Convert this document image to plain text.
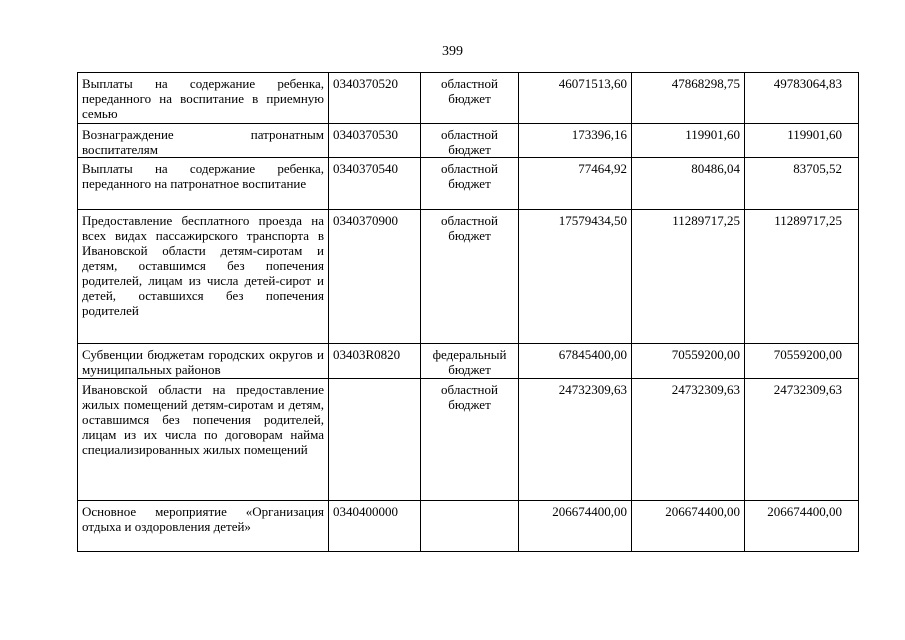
399
Выплаты на содержание ребенка, переданного на воспитание в приемную семью	0340370520	областной бюджет	46071513,60	47868298,75	49783064,83
Вознаграждение патронатным воспитателям	0340370530	областной бюджет	173396,16	119901,60	119901,60
Выплаты на содержание ребенка, переданного на патронатное воспитание	0340370540	областной бюджет	77464,92	80486,04	83705,52
Предоставление бесплатного проезда на всех видах пассажирского транспорта в Ивановской области детям-сиротам и детям, оставшимся без попечения родителей, лицам из числа детей-сирот и детей, оставшихся без попечения родителей	0340370900	областной бюджет	17579434,50	11289717,25	11289717,25
Субвенции бюджетам городских округов и муниципальных районов	03403R0820	федеральный бюджет	67845400,00	70559200,00	70559200,00
Ивановской области на предоставление жилых помещений детям-сиротам и детям, оставшимся без попечения родителей, лицам из их числа по договорам найма специализированных жилых помещений		областной бюджет	24732309,63	24732309,63	24732309,63
Основное мероприятие «Организация отдыха и оздоровления детей»	0340400000		206674400,00	206674400,00	206674400,00
